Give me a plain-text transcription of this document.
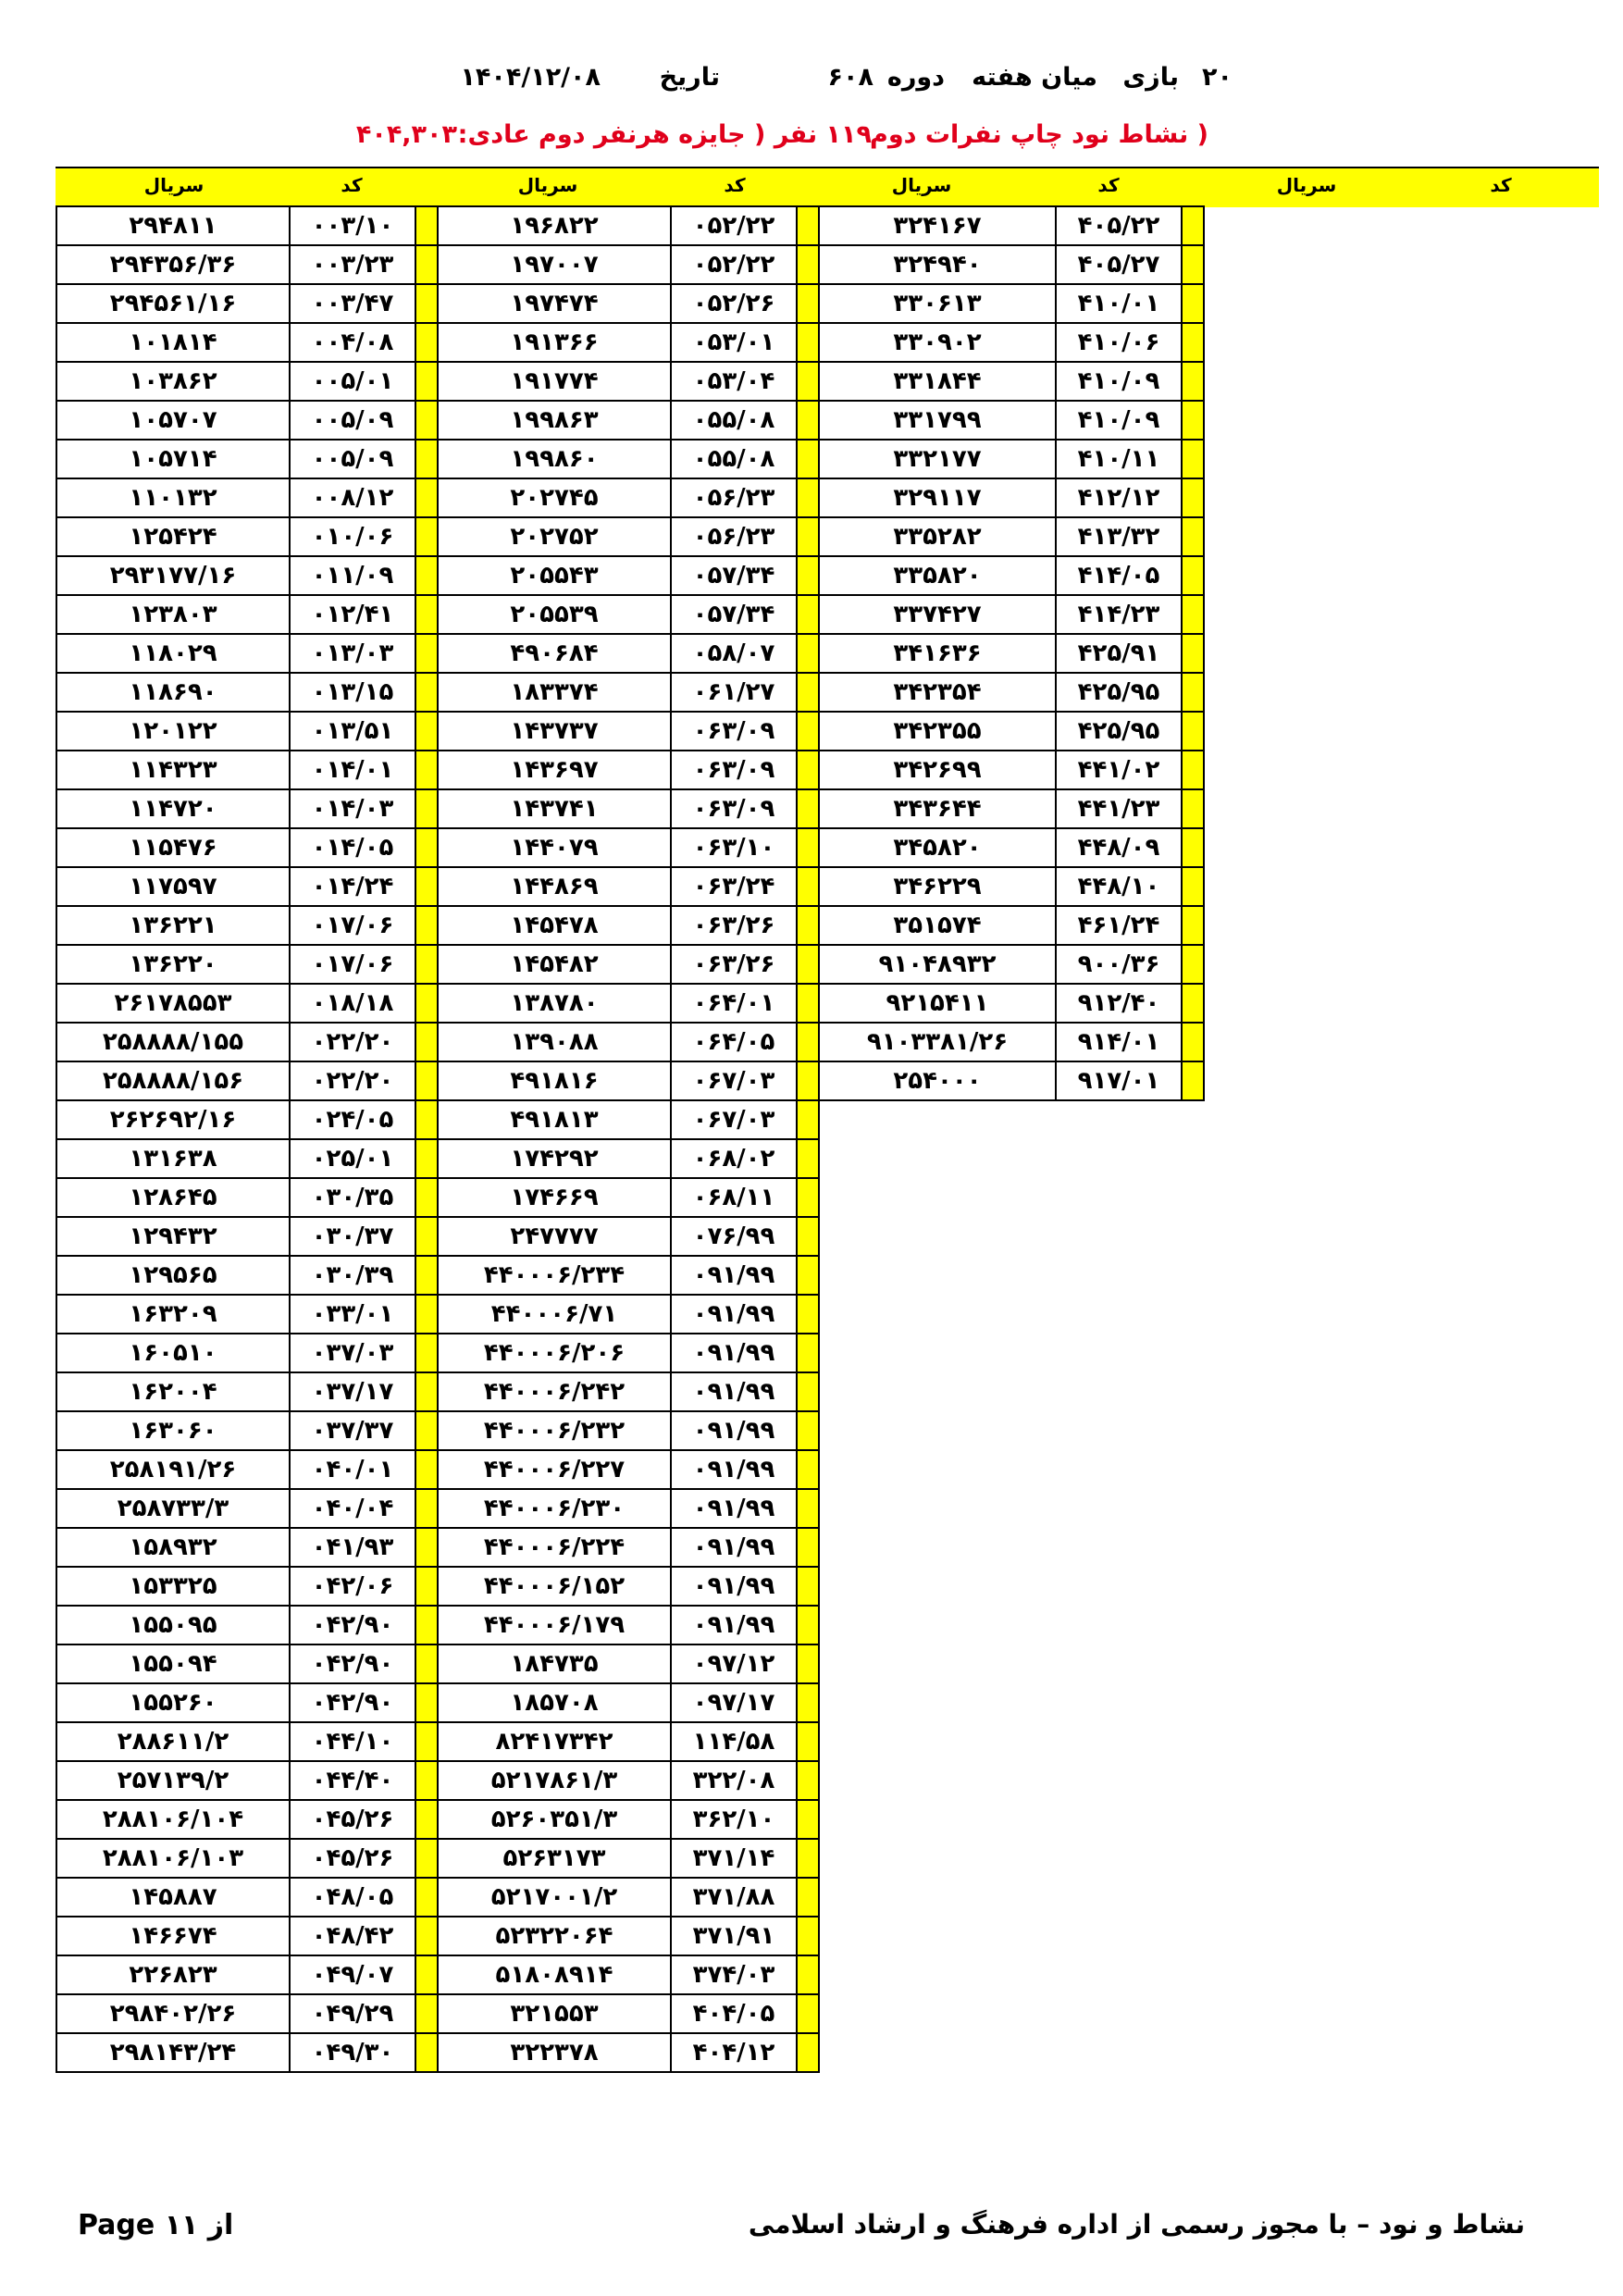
۲۰
بازی
میان هفته
دوره
۶۰۸
تاریخ
۱۴۰۴/۱۲/۰۸
( نشاط نود چاپ نفرات دوم
۱۱۹ نفر ( جایزه هرنفر دوم عادی:
۴۰۴,۳۰۳
سریال	کد	سریال	کد	سریال	کد	سریال	کد
۲۹۴۸۱۱	۰۰۳/۱۰		۱۹۶۸۲۲	۰۵۲/۲۲	
۲۹۴۳۵۶/۳۶	۰۰۳/۲۳		۱۹۷۰۰۷	۰۵۲/۲۲	
۲۹۴۵۶۱/۱۶	۰۰۳/۴۷		۱۹۷۴۷۴	۰۵۲/۲۶	
۱۰۱۸۱۴	۰۰۴/۰۸		۱۹۱۳۶۶	۰۵۳/۰۱	
۱۰۳۸۶۲	۰۰۵/۰۱		۱۹۱۷۷۴	۰۵۳/۰۴	
۱۰۵۷۰۷	۰۰۵/۰۹		۱۹۹۸۶۳	۰۵۵/۰۸	
۱۰۵۷۱۴	۰۰۵/۰۹		۱۹۹۸۶۰	۰۵۵/۰۸	
۱۱۰۱۳۲	۰۰۸/۱۲		۲۰۲۷۴۵	۰۵۶/۲۳	
۱۲۵۴۲۴	۰۱۰/۰۶		۲۰۲۷۵۲	۰۵۶/۲۳	
۲۹۳۱۷۷/۱۶	۰۱۱/۰۹		۲۰۵۵۴۳	۰۵۷/۳۴	
۱۲۳۸۰۳	۰۱۲/۴۱		۲۰۵۵۳۹	۰۵۷/۳۴	
۱۱۸۰۲۹	۰۱۳/۰۳		۴۹۰۶۸۴	۰۵۸/۰۷	
۱۱۸۶۹۰	۰۱۳/۱۵		۱۸۳۳۷۴	۰۶۱/۲۷	
۱۲۰۱۲۲	۰۱۳/۵۱		۱۴۳۷۳۷	۰۶۳/۰۹	
۱۱۴۳۲۳	۰۱۴/۰۱		۱۴۳۶۹۷	۰۶۳/۰۹	
۱۱۴۷۲۰	۰۱۴/۰۳		۱۴۳۷۴۱	۰۶۳/۰۹	
۱۱۵۴۷۶	۰۱۴/۰۵		۱۴۴۰۷۹	۰۶۳/۱۰	
۱۱۷۵۹۷	۰۱۴/۲۴		۱۴۴۸۶۹	۰۶۳/۲۴	
۱۳۶۲۲۱	۰۱۷/۰۶		۱۴۵۴۷۸	۰۶۳/۲۶	
۱۳۶۲۲۰	۰۱۷/۰۶		۱۴۵۴۸۲	۰۶۳/۲۶	
۲۶۱۷۸۵۵۳	۰۱۸/۱۸		۱۳۸۷۸۰	۰۶۴/۰۱	
۲۵۸۸۸۸/۱۵۵	۰۲۲/۲۰		۱۳۹۰۸۸	۰۶۴/۰۵	
۲۵۸۸۸۸/۱۵۶	۰۲۲/۲۰		۴۹۱۸۱۶	۰۶۷/۰۳	
۲۶۲۶۹۲/۱۶	۰۲۴/۰۵		۴۹۱۸۱۳	۰۶۷/۰۳	
۱۳۱۶۳۸	۰۲۵/۰۱		۱۷۴۲۹۲	۰۶۸/۰۲	
۱۲۸۶۴۵	۰۳۰/۳۵		۱۷۴۶۶۹	۰۶۸/۱۱	
۱۲۹۴۳۲	۰۳۰/۳۷		۲۴۷۷۷۷	۰۷۶/۹۹	
۱۲۹۵۶۵	۰۳۰/۳۹		۴۴۰۰۰۶/۲۳۴	۰۹۱/۹۹	
۱۶۳۲۰۹	۰۳۳/۰۱		۴۴۰۰۰۶/۷۱	۰۹۱/۹۹	
۱۶۰۵۱۰	۰۳۷/۰۳		۴۴۰۰۰۶/۲۰۶	۰۹۱/۹۹	
۱۶۲۰۰۴	۰۳۷/۱۷		۴۴۰۰۰۶/۲۴۲	۰۹۱/۹۹	
۱۶۳۰۶۰	۰۳۷/۳۷		۴۴۰۰۰۶/۲۳۲	۰۹۱/۹۹	
۲۵۸۱۹۱/۲۶	۰۴۰/۰۱		۴۴۰۰۰۶/۲۲۷	۰۹۱/۹۹	
۲۵۸۷۳۳/۳	۰۴۰/۰۴		۴۴۰۰۰۶/۲۳۰	۰۹۱/۹۹	
۱۵۸۹۳۲	۰۴۱/۹۳		۴۴۰۰۰۶/۲۲۴	۰۹۱/۹۹	
۱۵۳۳۲۵	۰۴۲/۰۶		۴۴۰۰۰۶/۱۵۲	۰۹۱/۹۹	
۱۵۵۰۹۵	۰۴۲/۹۰		۴۴۰۰۰۶/۱۷۹	۰۹۱/۹۹	
۱۵۵۰۹۴	۰۴۲/۹۰		۱۸۴۷۳۵	۰۹۷/۱۲	
۱۵۵۲۶۰	۰۴۲/۹۰		۱۸۵۷۰۸	۰۹۷/۱۷	
۲۸۸۶۱۱/۲	۰۴۴/۱۰		۸۲۴۱۷۳۴۲	۱۱۴/۵۸	
۲۵۷۱۳۹/۲	۰۴۴/۴۰		۵۲۱۷۸۶۱/۳	۳۲۲/۰۸	
۲۸۸۱۰۶/۱۰۴	۰۴۵/۲۶		۵۲۶۰۳۵۱/۳	۳۶۲/۱۰	
۲۸۸۱۰۶/۱۰۳	۰۴۵/۲۶		۵۲۶۳۱۷۳	۳۷۱/۱۴	
۱۴۵۸۸۷	۰۴۸/۰۵		۵۲۱۷۰۰۱/۲	۳۷۱/۸۸	
۱۴۶۶۷۴	۰۴۸/۴۲		۵۲۳۲۲۰۶۴	۳۷۱/۹۱	
۲۲۶۸۲۳	۰۴۹/۰۷		۵۱۸۰۸۹۱۴	۳۷۴/۰۳	
۲۹۸۴۰۲/۲۶	۰۴۹/۲۹		۳۲۱۵۵۳	۴۰۴/۰۵	
۲۹۸۱۴۳/۲۴	۰۴۹/۳۰		۳۲۲۳۷۸	۴۰۴/۱۲	
۳۲۴۱۶۷	۴۰۵/۲۲	
۳۲۴۹۴۰	۴۰۵/۲۷	
۳۳۰۶۱۳	۴۱۰/۰۱	
۳۳۰۹۰۲	۴۱۰/۰۶	
۳۳۱۸۴۴	۴۱۰/۰۹	
۳۳۱۷۹۹	۴۱۰/۰۹	
۳۳۲۱۷۷	۴۱۰/۱۱	
۳۲۹۱۱۷	۴۱۲/۱۲	
۳۳۵۲۸۲	۴۱۳/۳۲	
۳۳۵۸۲۰	۴۱۴/۰۵	
۳۳۷۴۲۷	۴۱۴/۲۳	
۳۴۱۶۳۶	۴۲۵/۹۱	
۳۴۲۳۵۴	۴۲۵/۹۵	
۳۴۲۳۵۵	۴۲۵/۹۵	
۳۴۲۶۹۹	۴۴۱/۰۲	
۳۴۳۶۴۴	۴۴۱/۲۳	
۳۴۵۸۲۰	۴۴۸/۰۹	
۳۴۶۲۲۹	۴۴۸/۱۰	
۳۵۱۵۷۴	۴۶۱/۲۴	
۹۱۰۴۸۹۳۲	۹۰۰/۳۶	
۹۲۱۵۴۱۱	۹۱۲/۴۰	
۹۱۰۳۳۸۱/۲۶	۹۱۴/۰۱	
۲۵۴۰۰۰	۹۱۷/۰۱	
نشاط و نود – با مجوز رسمی از اداره فرهنگ و ارشاد اسلامی
Page ۱۱ از
